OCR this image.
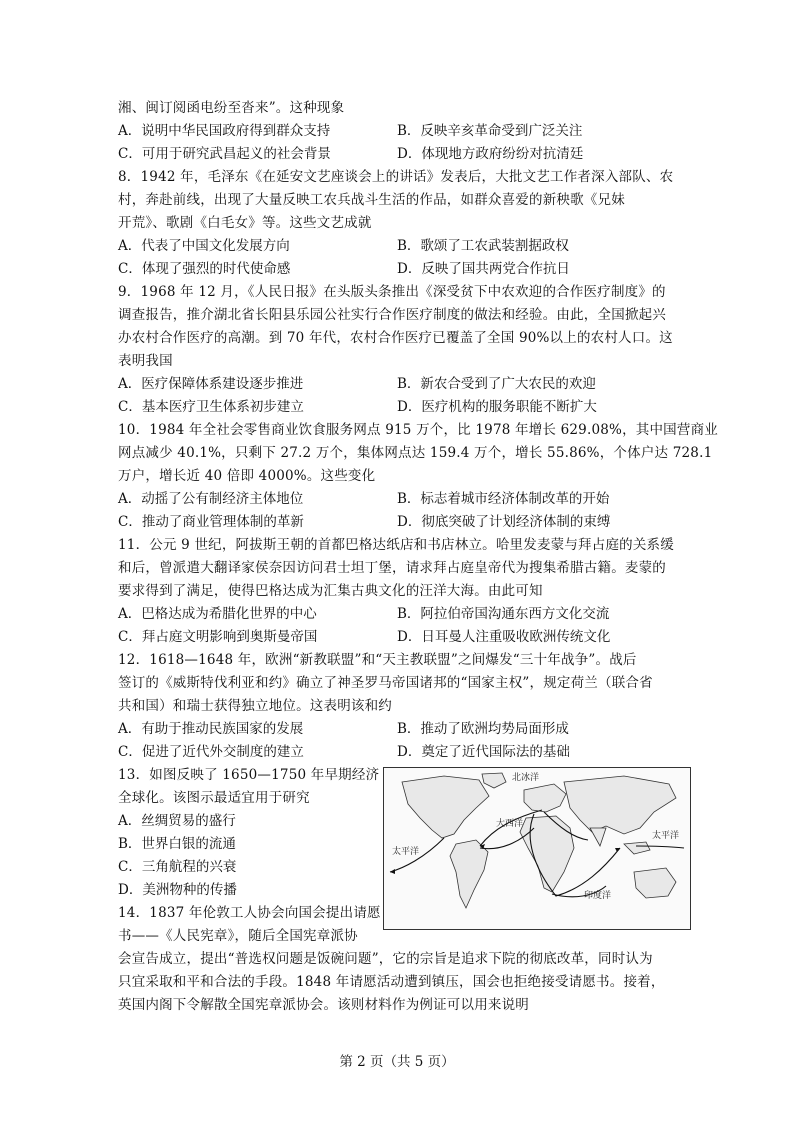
湘、闽订阅函电纷至沓来”。这种现象
A．说明中华民国政府得到群众支持	B．反映辛亥革命受到广泛关注
C．可用于研究武昌起义的社会背景	D．体现地方政府纷纷对抗清廷
8．1942 年，毛泽东《在延安文艺座谈会上的讲话》发表后，大批文艺工作者深入部队、农
村，奔赴前线，出现了大量反映工农兵战斗生活的作品，如群众喜爱的新秧歌《兄妹
开荒》、歌剧《白毛女》等。这些文艺成就
A．代表了中国文化发展方向	B．歌颂了工农武装割据政权
C．体现了强烈的时代使命感	D．反映了国共两党合作抗日
9．1968 年 12 月，《人民日报》在头版头条推出《深受贫下中农欢迎的合作医疗制度》的
调查报告，推介湖北省长阳县乐园公社实行合作医疗制度的做法和经验。由此，全国掀起兴
办农村合作医疗的高潮。到 70 年代，农村合作医疗已覆盖了全国 90%以上的农村人口。这
表明我国
A．医疗保障体系建设逐步推进	B．新农合受到了广大农民的欢迎
C．基本医疗卫生体系初步建立	D．医疗机构的服务职能不断扩大
10．1984 年全社会零售商业饮食服务网点 915 万个，比 1978 年增长 629.08%，其中国营商业
网点减少 40.1%，只剩下 27.2 万个，集体网点达 159.4 万个，增长 55.86%，个体户达 728.1
万户，增长近 40 倍即 4000%。这些变化
A．动摇了公有制经济主体地位	B．标志着城市经济体制改革的开始
C．推动了商业管理体制的革新	D．彻底突破了计划经济体制的束缚
11．公元 9 世纪，阿拔斯王朝的首都巴格达纸店和书店林立。哈里发麦蒙与拜占庭的关系缓
和后，曾派遣大翻译家侯奈因访问君士坦丁堡，请求拜占庭皇帝代为搜集希腊古籍。麦蒙的
要求得到了满足，使得巴格达成为汇集古典文化的汪洋大海。由此可知
A．巴格达成为希腊化世界的中心	B．阿拉伯帝国沟通东西方文化交流
C．拜占庭文明影响到奥斯曼帝国	D．日耳曼人注重吸收欧洲传统文化
12．1618—1648 年，欧洲“新教联盟”和“天主教联盟”之间爆发“三十年战争”。战后
签订的《威斯特伐利亚和约》确立了神圣罗马帝国诸邦的“国家主权”，规定荷兰（联合省
共和国）和瑞士获得独立地位。这表明该和约
A．有助于推动民族国家的发展	B．推动了欧洲均势局面形成
C．促进了近代外交制度的建立	D．奠定了近代国际法的基础
13．如图反映了 1650—1750 年早期经济
全球化。该图示最适宜用于研究
A．丝绸贸易的盛行
B．世界白银的流通
C．三角航程的兴衰
D．美洲物种的传播
北冰洋
大西洋
太平洋
太平洋
印度洋
14．1837 年伦敦工人协会向国会提出请愿
书——《人民宪章》，随后全国宪章派协
会宣告成立，提出“普选权问题是饭碗问题”，它的宗旨是追求下院的彻底改革，同时认为
只宜采取和平和合法的手段。1848 年请愿活动遭到镇压，国会也拒绝接受请愿书。接着，
英国内阁下令解散全国宪章派协会。该则材料作为例证可以用来说明
第 2 页（共 5 页）
